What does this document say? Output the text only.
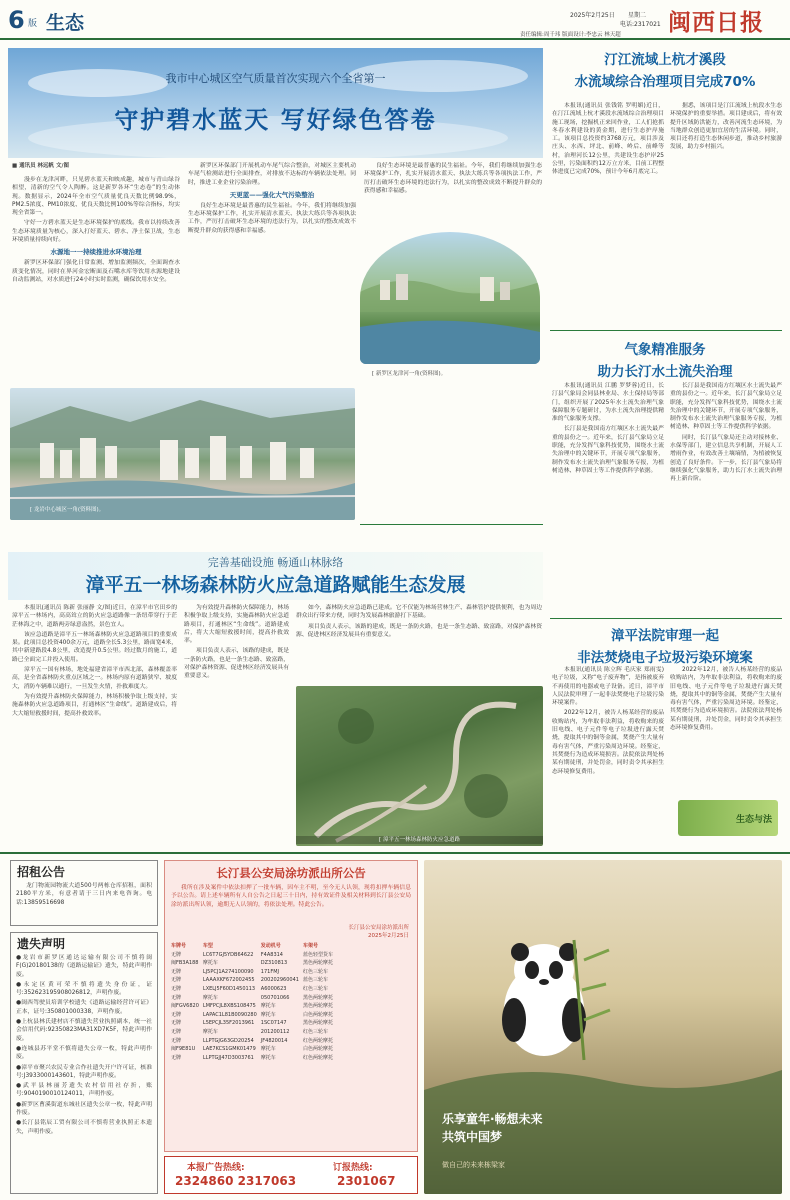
6 版 生态	2025年2月25日 星期二
电话:2317021
责任编辑:周千玮 版面设计:李忠云 林天超 闽西日报
我市中心城区空气质量首次实现六个全省第一
守护碧水蓝天 写好绿色答卷
■ 通讯员 林远帆 文/图

漫步在龙津河畔，只见碧水蓝天和映成趣，城市与青山绿谷相望，清新的空气令人陶醉。这是新罗各环“生态卷”的生动体现。数据显示，2024年全市空气质量优良天数比例98.9%，PM2.5浓度、PM10浓度、优良天数比例100%等综合指标，均实现全省第一。

守好一方碧水蓝天是生态环境保护的底线。我市以持续改善生态环境质量为核心，深入打好蓝天、碧水、净土保卫战，生态环境质量持续向好。

水源地一一持续推进水环境治理

新罗区环保部门强化日常监测、增加监测频次，全面调查水质变化情况，同时在界河金宏断面及石嘴水库等饮用水源地建设自动监测站，对水质进行24小时实时监测，确保饮用水安全。

新罗区环保部门开展机动车尾气综合整治，对城区主要机动车尾气检测站进行全面排查，对排放不达标的车辆依法处理。同时，推进工业企业污染治理。

天更蓝——强化大气污染整治

良好生态环境是最普惠的民生福祉。今年，我们将继续加强生态环境保护工作，扎实开展清水蓝天、执法大练兵等各项执法工作，严厉打击破坏生态环境的违法行为，以扎实的整改成效不断提升群众的获得感和幸福感。

良好生态环境是最普惠的民生福祉。今年，我们将继续加强生态环境保护工作，扎实开展清水蓝天、执法大练兵等各项执法工作，严厉打击破坏生态环境的违法行为，以扎实的整改成效不断提升群众的获得感和幸福感。

[ 新罗区龙津河一角(资料图)。
[ 龙岩中心城区一角(资料图)。
完善基础设施 畅通山林脉络
漳平五一林场森林防火应急道路赋能生态发展

本报讯(通讯员 陈新 张丽静 文/图)近日，在漳平市官田乡的漳平五一林场内，高高耸立的防火应急道路像一条纽带穿行于茫茫林海之中，道路两旁绿意盎然，景色宜人。

该应急道路是漳平五一林场森林防火应急道路项目的重要成果。此项目总投资400余万元，道路全长5.3公里，路面宽4米，其中新建路段4.8公里，改造提升0.5公里。经过数月的施工，道路已全面完工并投入使用。

漳平五一国有林场，地处福建省漳平市西北部，森林覆盖率高，是全省森林防火重点区域之一。林场内原有道路狭窄、坡度大，消防车辆难以通行，一旦发生火情，扑救难度大。

为有效提升森林防火保障能力，林场积极争取上级支持，实施森林防火应急道路项目，打通林区“生命线”。道路建成后，将大大缩短救援时间，提高扑救效率。

为有效提升森林防火保障能力，林场积极争取上级支持，实施森林防火应急道路项目，打通林区“生命线”。道路建成后，将大大缩短救援时间，提高扑救效率。

项目负责人表示，该路的建成，既是一条防火路，也是一条生态路、致富路，对保护森林资源、促进林区经济发展具有重要意义。

如今，森林防火应急道路已建成。它不仅能为林场营林生产、森林管护提供便利，也为周边群众出行带来方便，同时为发展森林旅游打下基础。

项目负责人表示，该路的建成，既是一条防火路，也是一条生态路、致富路，对保护森林资源、促进林区经济发展具有重要意义。

[ 漳平五一林场森林防火应急道路
汀江流域上杭才溪段
水流域综合治理项目完成70%

本报讯(通讯员 张钱铭 罗明媚)近日，在汀江流域上杭才溪段水流域综合治理项目施工现场，挖掘机正来回作业，工人们抢抓冬春水利建设的黄金期，进行生态护岸施工。该项目总投资约3768万元，项目涉及庄头、水西、坪北、前峰、岭后、前峰等村，治理河长12公里，共建设生态护岸25公里，污染面积约12万立方米，目前工程整体进度已完成70%，预计今年6月底完工。

据悉，该项目是汀江流域上杭段水生态环境保护的重要举措。项目建成后，将有效提升区域防洪能力，改善河流生态环境，为当地群众创造更加宜居的生活环境。同时，项目还将打造生态休闲步道，推动乡村旅游发展，助力乡村振兴。

气象精准服务
助力长汀水土流失治理

本报讯(通讯员 江鹏 罗梦蓉)近日，长汀县气象局会同县林业局、水土保持局等部门，组织开展了2025年水土流失治理气象保障服务专题研讨，为水土流失治理提供精准的气象服务支撑。

长汀县是我国南方红壤区水土流失最严重的县份之一。近年来，长汀县气象局立足职能，充分发挥气象科技优势，围绕水土流失治理中的关键环节，开展专项气象服务，制作发布水土流失治理气象服务专报，为植树造林、种草固土等工作提供科学依据。

长汀县是我国南方红壤区水土流失最严重的县份之一。近年来，长汀县气象局立足职能，充分发挥气象科技优势，围绕水土流失治理中的关键环节，开展专项气象服务，制作发布水土流失治理气象服务专报，为植树造林、种草固土等工作提供科学依据。

同时，长汀县气象局还主动对接林业、水保等部门，建立信息共享机制，开展人工增雨作业，有效改善土壤墒情，为植被恢复创造了良好条件。下一步，长汀县气象局将继续强化气象服务，助力长汀水土流失治理再上新台阶。

漳平法院审理一起
非法焚烧电子垃圾污染环境案

本报讯(通讯员 陈立辉 毛庆家 郑雨雯)电子垃圾，又称“电子废弃物”，是指被废弃不再使用的电器或电子设备。近日，漳平市人民法院审理了一起非法焚烧电子垃圾污染环境案件。

2022年12月，被告人杨某经营的废品收购站内，为牟取非法利益，将收购来的废旧电线、电子元件等电子垃圾进行露天焚烧，提取其中的铜等金属，焚烧产生大量有毒有害气体，严重污染周边环境。经鉴定，其焚烧行为造成环境损害。法院依法判处杨某有期徒刑，并处罚金，同时责令其承担生态环境修复费用。

2022年12月，被告人杨某经营的废品收购站内，为牟取非法利益，将收购来的废旧电线、电子元件等电子垃圾进行露天焚烧，提取其中的铜等金属，焚烧产生大量有毒有害气体，严重污染周边环境。经鉴定，其焚烧行为造成环境损害。法院依法判处杨某有期徒刑，并处罚金，同时责令其承担生态环境修复费用。

生态与法
招租公告

龙门物流园物流大道500号两栋仓库招租，面积2180平方米，有意者请于三日内来电咨询。电话:13859516698

遗失声明

●龙岩市新罗区通达运输有限公司不慎将闽F(G)20180138的《道路运输证》遗失，特此声明作废。

●永定区黄可荣不慎将遗失身份证，证号:352623195908026812，声明作废。

●闽西驾驶员培训学校遗失《道路运输经营许可证》正本，证号:350801000338，声明作废。

●上杭县林氏建材店不慎遗失营业执照副本，统一社会信用代码:92350823MA31XD7K5F，特此声明作废。

●连城县苏平堂不慎将遗失公章一枚，特此声明作废。

●漳平市聚兴农民专业合作社遗失开户许可证，核准号:J3933000143601，特此声明作废。

●武平县林丽芳遗失农村信用社存折，账号:9040190010124011，声明作废。

●新罗区曹溪街道东城社区遗失公章一枚，特此声明作废。

●长汀县铭辰工贸有限公司不慎将营业执照正本遗失，声明作废。

长汀县公安局涂坊派出所公告

我所在涉及案件中依法扣押了一批车辆，因车主不明，至今无人认领，现将扣押车辆信息予以公告。请上述车辆所有人自公告之日起三十日内，持有效证件及相关材料到长汀县公安局涂坊派出所认领，逾期无人认领的，将依法处理。特此公告。

长汀县公安局涂坊派出所
2025年2月25日
车牌号	车型	发动机号	车架号
无牌	LC6T7GJ5YDB64622	F4A8314	蓝色轻型货车
闽FB3A188	摩托车	DZ310813	黑色两轮摩托
无牌	LJ5PCJ1A274100090	171FMJ	红色三轮车
无牌	LAAAXKF672002455	200202960041	蓝色三轮车
无牌	LXELJ5F60D1450113	A6000623	红色三轮车
无牌	摩托车	050701066	黑色两轮摩托
闽FGV6820	LMFPCJL8XBS108475	摩托车	黑色两轮摩托
无牌	LAPAC1L81B0090280	摩托车	白色两轮摩托
无牌	L5EPCJL35F2013961	1SC07147	黑色两轮摩托
无牌	摩托车	201200112	红色三轮车
无牌	LLPTGJG63GD20254	JF4820014	红色两轮摩托
闽F9E81U	LAE7KCS1GMK01479	摩托车	白色两轮摩托
无牌	LLPTGJJ47D3003761	摩托车	红色两轮摩托
本报广告热线:
2324860 2317063
订报热线:
2301067
乐享童年·畅想未来
共筑中国梦
做自己的未来栋梁家
